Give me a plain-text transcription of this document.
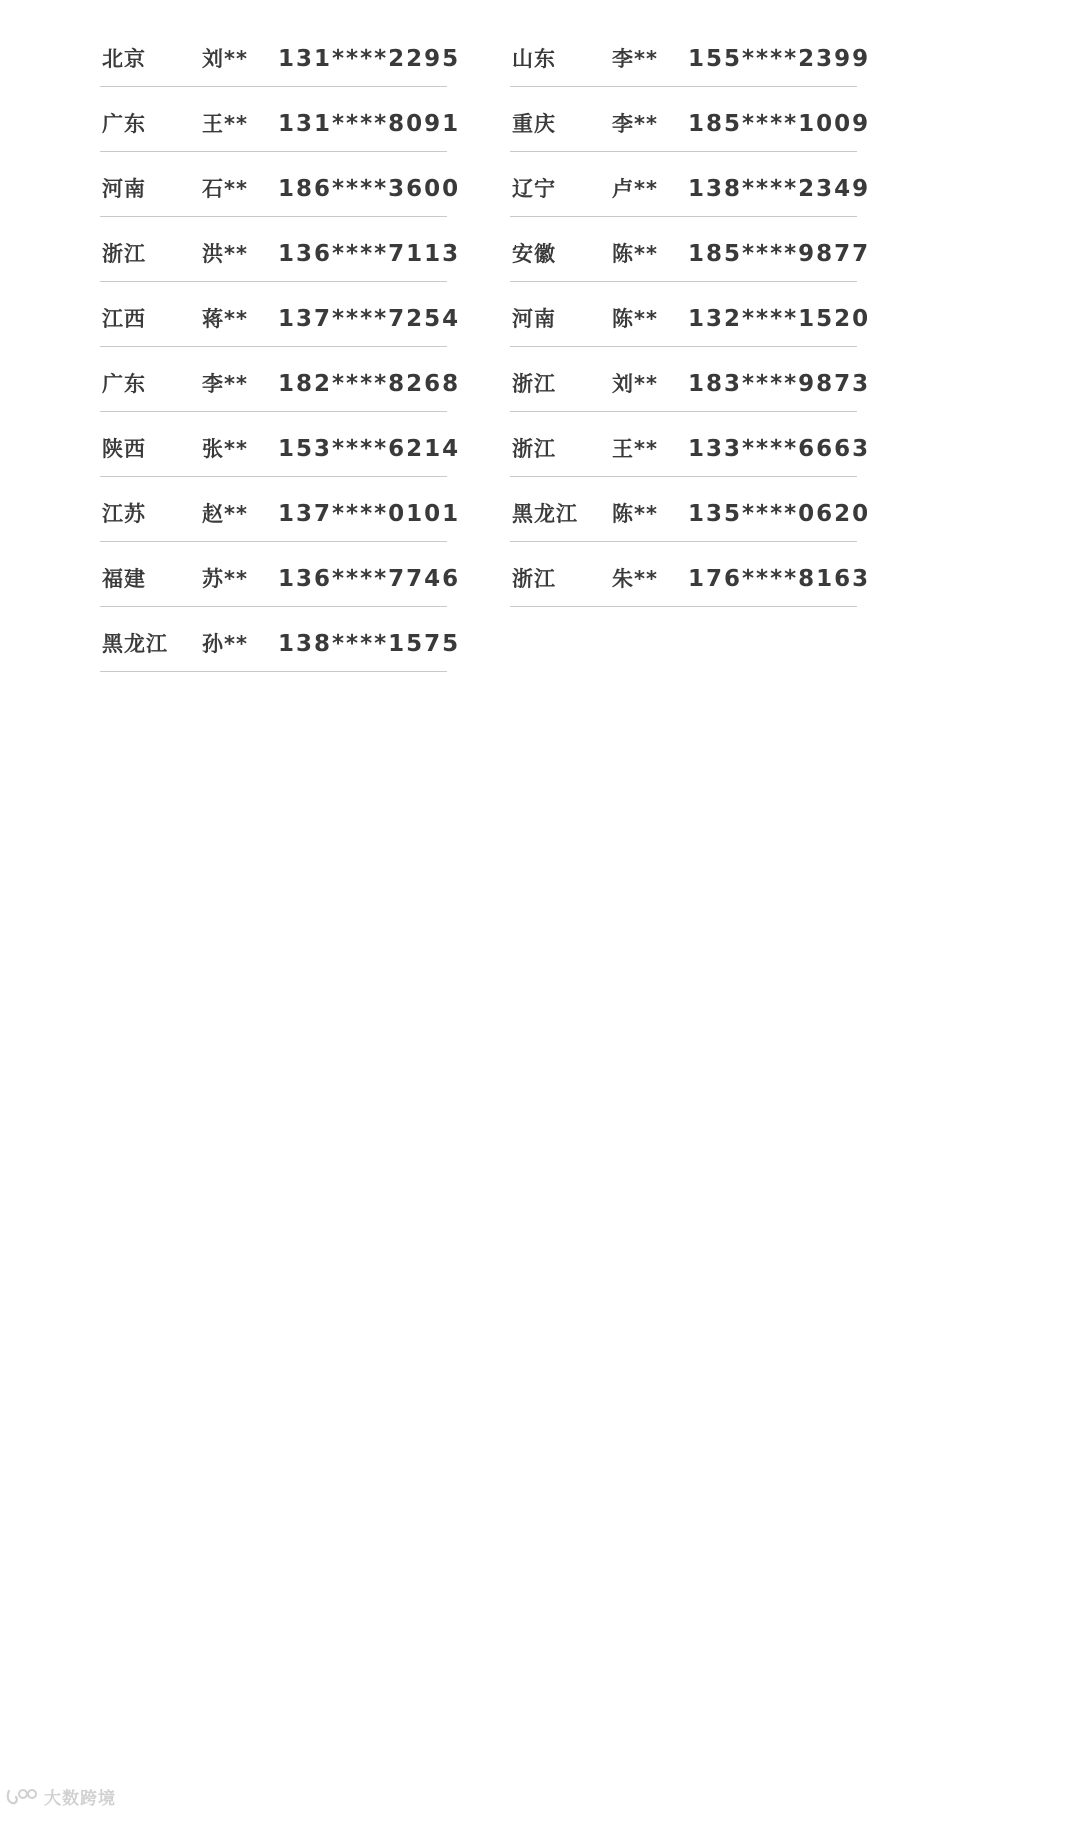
北京	刘** 131****2295
广东	王** 131****8091
河南	石** 186****3600
浙江	洪** 136****7113
江西	蒋** 137****7254
广东	李** 182****8268
陕西	张** 153****6214
江苏	赵** 137****0101
福建	苏** 136****7746
黑龙江 孙** 138****1575
山东	李** 155****2399
重庆	李** 185****1009
辽宁	卢** 138****2349
安徽	陈** 185****9877
河南	陈** 132****1520
浙江	刘** 183****9873
浙江	王** 133****6663
黑龙江 陈** 135****0620
浙江	朱** 176****8163
大数跨境
